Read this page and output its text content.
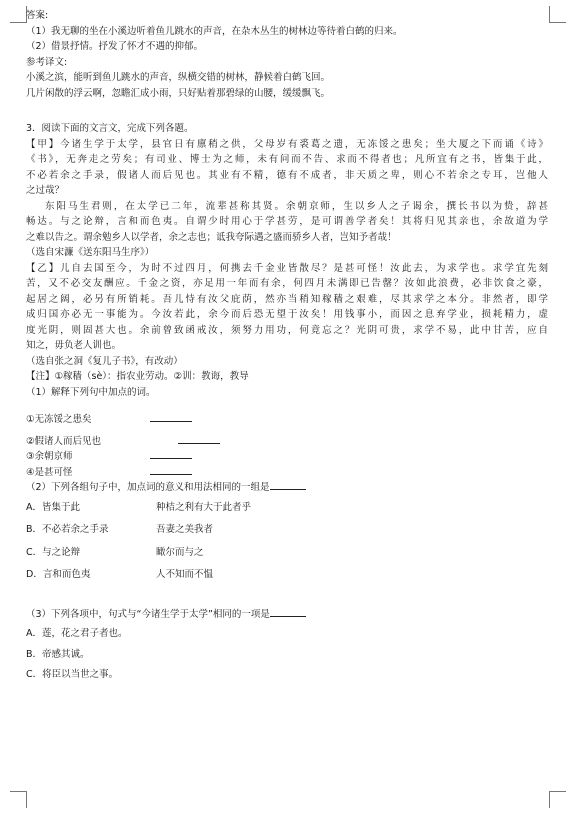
答案:
（1）我无聊的坐在小溪边听着鱼儿跳水的声音，在杂木丛生的树林边等待着白鹤的归来。
（2）借景抒情。抒发了怀才不遇的抑郁。
参考译文:
小溪之滨，能听到鱼儿跳水的声音，纵横交错的树林，静候着白鹤飞回。
几片闲散的浮云啊，忽瞻汇成小雨，只好贴着那碧绿的山腰，缓缓飘飞。
3．阅读下面的文言文，完成下列各题。
【甲】今诸生学于太学，县官日有廪稍之供，父母岁有裘葛之遗，无冻馁之患矣；坐大厦之下而诵《诗》
《书》，无奔走之劳矣；有司业、博士为之师，未有问而不告、求而不得者也；凡所宜有之书，皆集于此，
不必若余之手录，假诸人而后见也。其业有不精，德有不成者，非天质之卑，则心不若余之专耳，岂他人
之过哉？
东阳马生君则，在太学已二年，流辈甚称其贤。余朝京师，生以乡人之子谒余，撰长书以为贽，辞甚
畅达。与之论辩，言和而色夷。自谓少时用心于学甚劳，是可谓善学者矣！其将归见其亲也，余故道为学
之难以告之。谓余勉乡人以学者，余之志也；诋我夸际遇之盛而骄乡人者，岂知予者哉！
（选自宋濂《送东阳马生序》）
【乙】儿自去国至今，为时不过四月，何携去千金业皆散尽？是甚可怪！汝此去，为求学也。求学宜先刻
苦，又不必交友酬应。千金之资，亦足用一年而有余，何四月未满即已告罄？汝如此浪费，必非饮食之豪，
起居之阔，必另有所销耗。吾儿恃有汝父庇荫，然亦当稍知稼穑之艰难，尽其求学之本分。非然者，即学
成归国亦必无一事能为。今汝若此，余今而后恐无望于汝矣！用钱事小，而因之息弃学业，损耗精力，虚
度光阴，则固甚大也。余前曾致函戒汝，须努力用功，何竟忘之？光阴可贵，求学不易，此中甘苦，应自
知之，毋负老人训也。
（选自张之洞《复儿子书》，有改动）
【注】①稼穑（sè）：指农业劳动。②训：教诲，教导
（1）解释下列句中加点的词。
①无冻馁之患矣
②假诸人而后见也
③余朝京师
④是甚可怪
（2）下列各组句子中，加点词的意义和用法相同的一组是
A．皆集于此	种桔之利有大于此者乎
B．不必若余之手录	吾妻之美我者
C．与之论辩	瞰尔而与之
D．言和而色夷	人不知而不愠
（3）下列各项中，句式与“今诸生学于太学”相同的一项是
A．莲，花之君子者也。
B．帝感其诚。
C．将臣以当世之事。
